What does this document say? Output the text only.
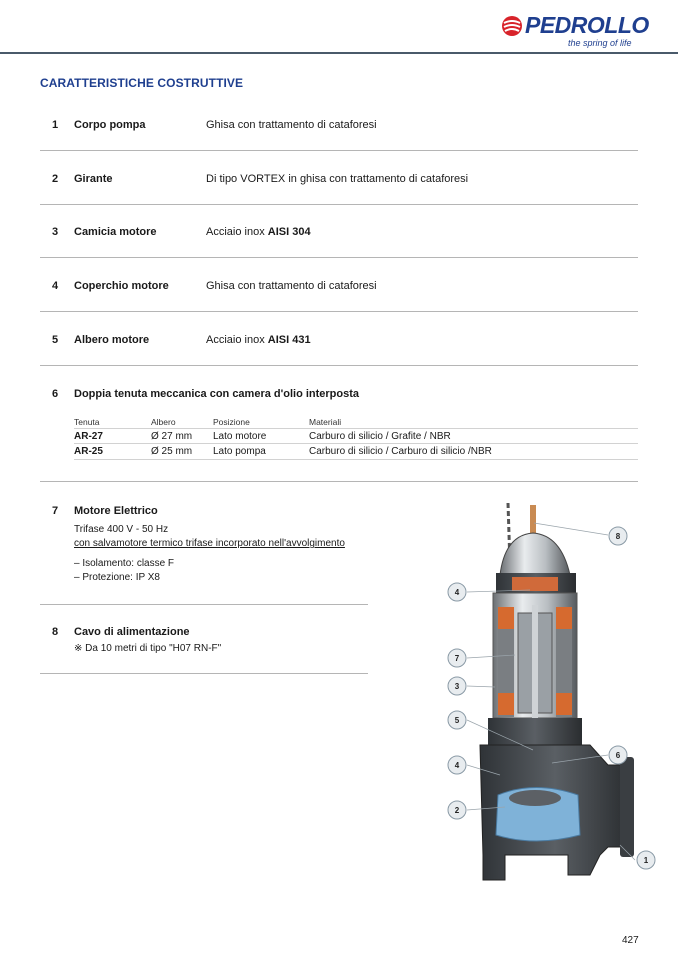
PEDROLLO
the spring of life
CARATTERISTICHE COSTRUTTIVE
1 Corpo pompa	Ghisa con trattamento di cataforesi
2 Girante	Di tipo VORTEX in ghisa con trattamento di cataforesi
3 Camicia motore	Acciaio inox AISI 304
4 Coperchio motore	Ghisa con trattamento di cataforesi
5 Albero motore	Acciaio inox AISI 431
6 Doppia tenuta meccanica con camera d'olio interposta
Tenuta	Albero	Posizione	Materiali
AR-27	Ø 27 mm Lato motore	Carburo di silicio / Grafite / NBR
AR-25	Ø 25 mm Lato pompa	Carburo di silicio / Carburo di silicio /NBR
7 Motore Elettrico
Trifase 400 V - 50 Hz
con salvamotore termico trifase incorporato nell'avvolgimento
– Isolamento: classe F
– Protezione: IP X8
8 Cavo di alimentazione
※ Da 10 metri di tipo "H07 RN-F"
8
4
7
3
5
6
4
2
1
427
